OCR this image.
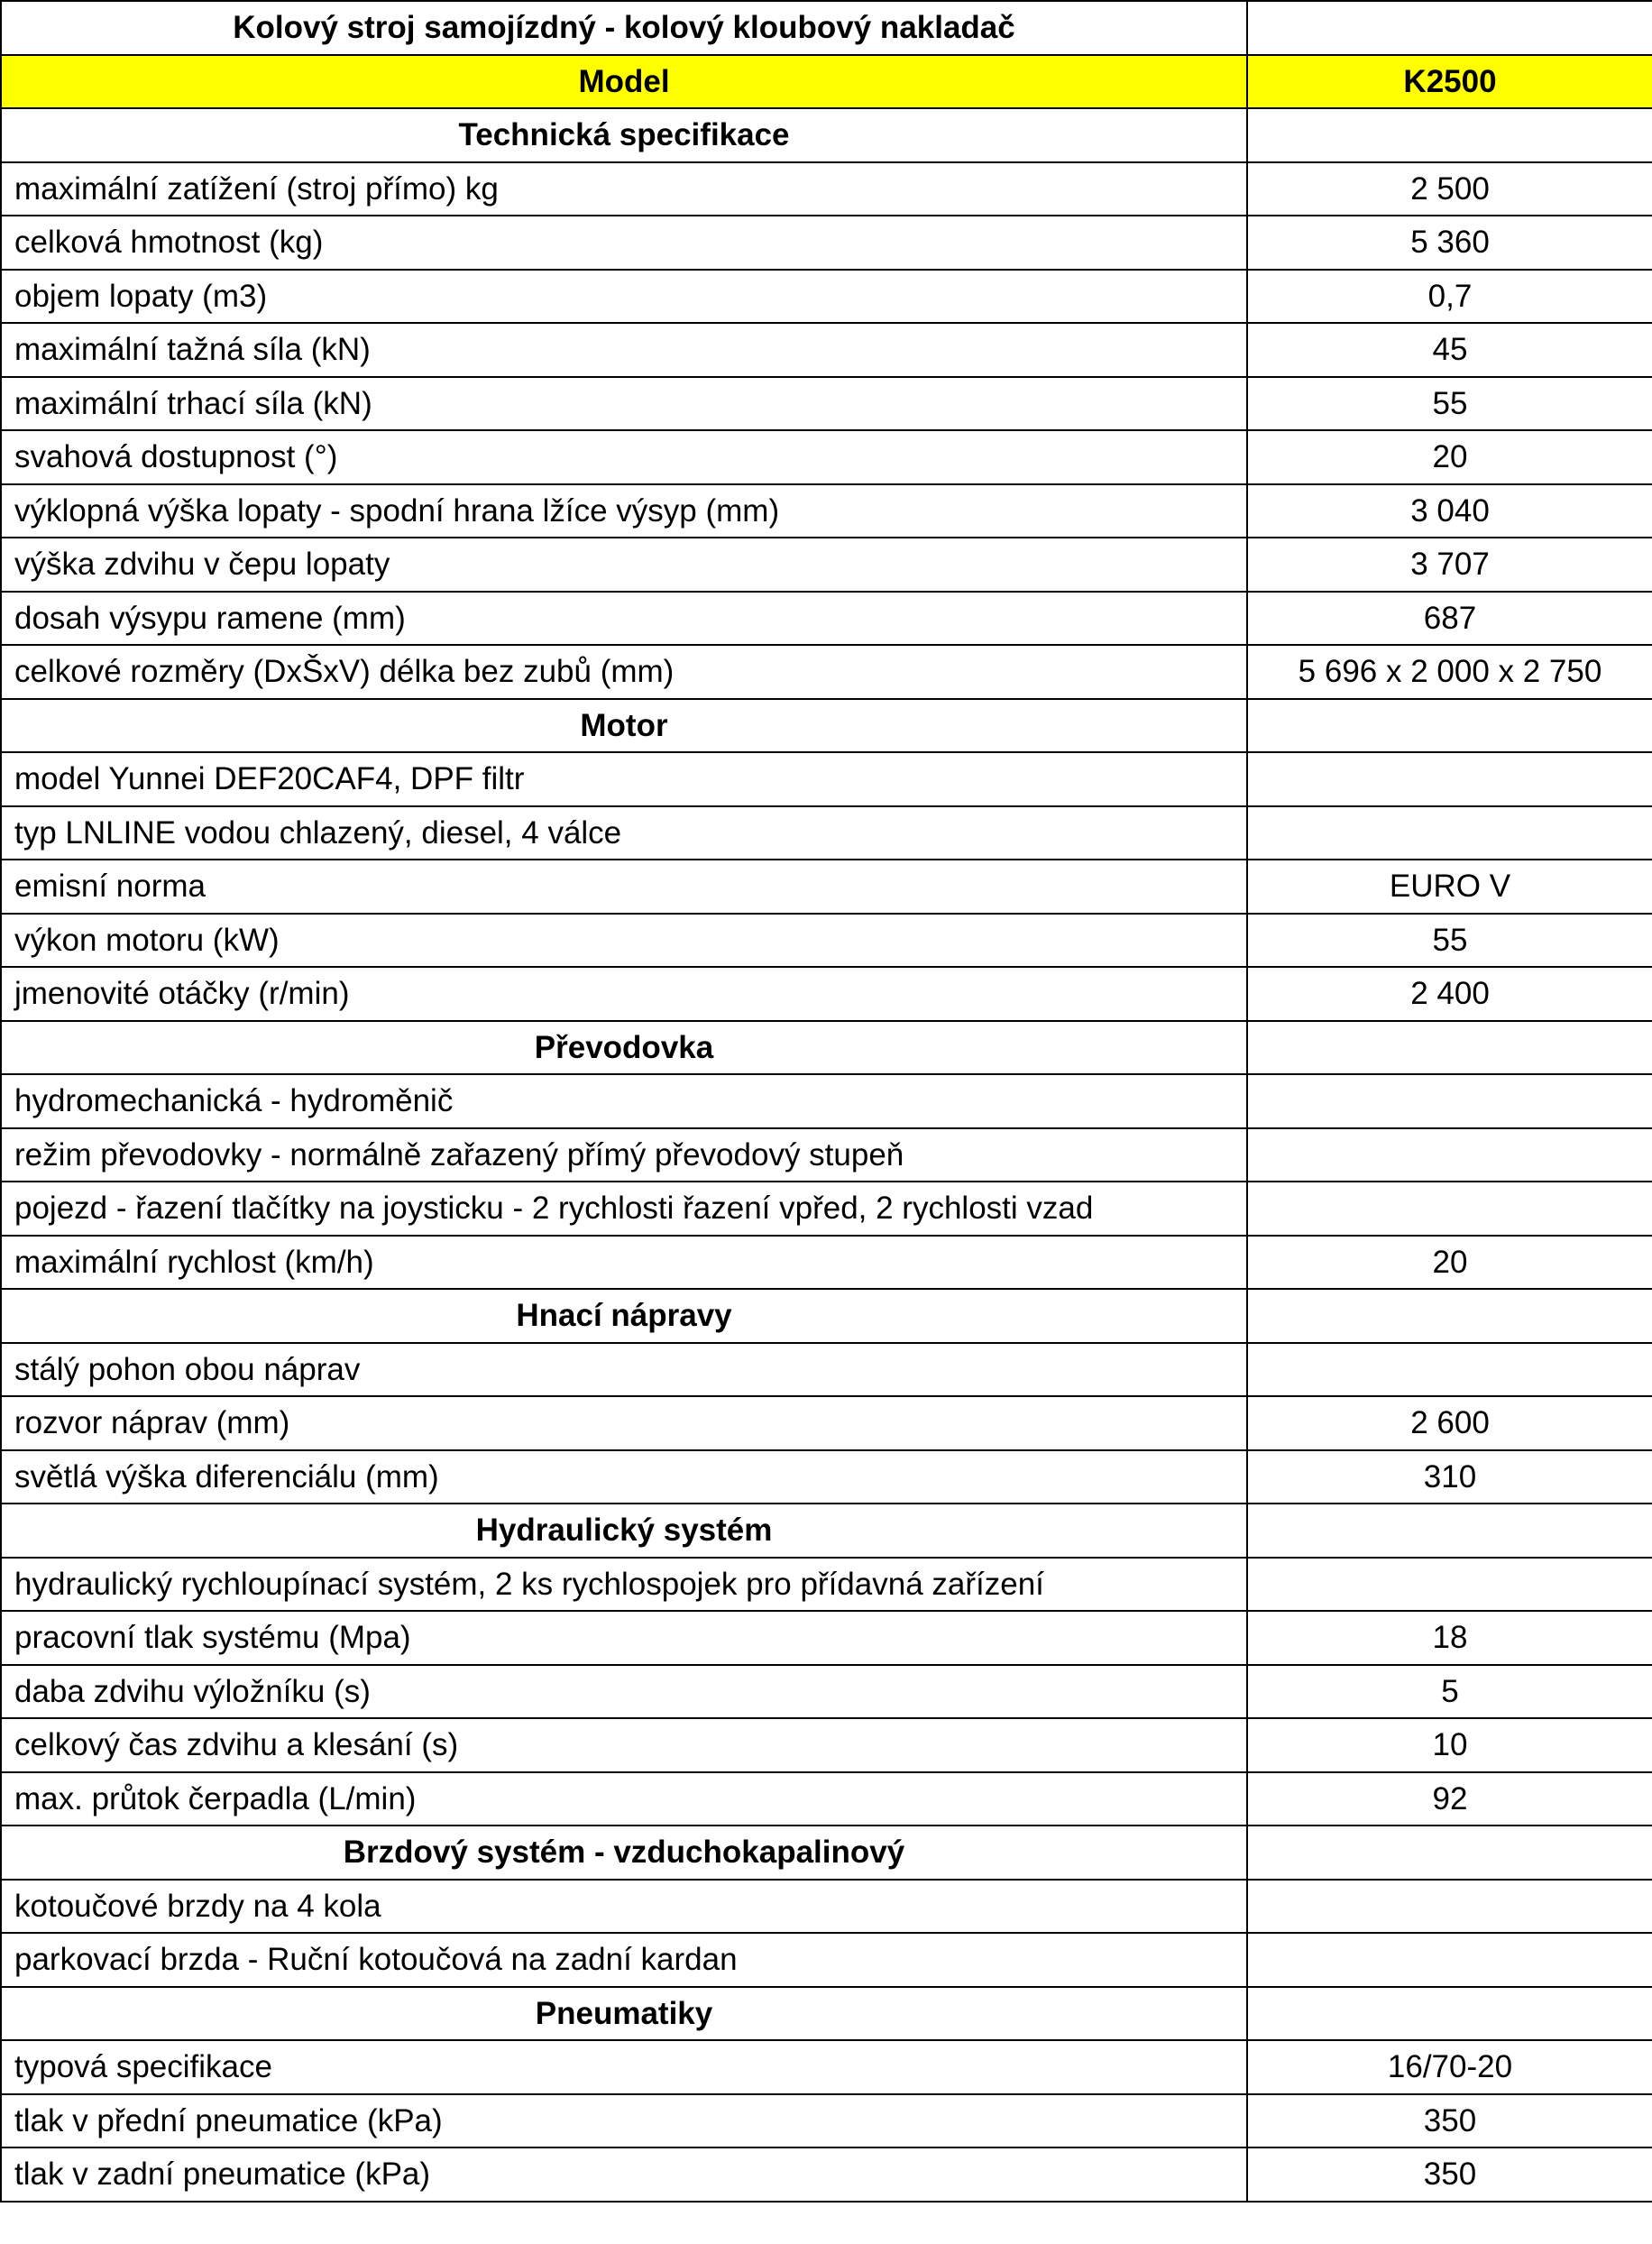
Kolový stroj samojízdný - kolový kloubový nakladač	
Model	K2500
Technická specifikace	
maximální zatížení (stroj přímo) kg	2 500
celková hmotnost (kg)	5 360
objem lopaty (m3)	0,7
maximální tažná síla (kN)	45
maximální trhací síla (kN)	55
svahová dostupnost (°)	20
výklopná výška lopaty - spodní hrana lžíce výsyp (mm)	3 040
výška zdvihu v čepu lopaty	3 707
dosah výsypu ramene (mm)	687
celkové rozměry (DxŠxV) délka bez zubů (mm)	5 696 x 2 000 x 2 750
Motor	
model Yunnei DEF20CAF4, DPF filtr	
typ LNLINE vodou chlazený, diesel, 4 válce	
emisní norma	EURO V
výkon motoru (kW)	55
jmenovité otáčky (r/min)	2 400
Převodovka	
hydromechanická - hydroměnič	
režim převodovky - normálně zařazený přímý převodový stupeň	
pojezd - řazení tlačítky na joysticku - 2 rychlosti řazení vpřed, 2 rychlosti vzad	
maximální rychlost (km/h)	20
Hnací nápravy	
stálý pohon obou náprav	
rozvor náprav (mm)	2 600
světlá výška diferenciálu (mm)	310
Hydraulický systém	
hydraulický rychloupínací systém, 2 ks rychlospojek pro přídavná zařízení	
pracovní tlak systému (Mpa)	18
daba zdvihu výložníku (s)	5
celkový čas zdvihu a klesání (s)	10
max. průtok čerpadla (L/min)	92
Brzdový systém - vzduchokapalinový	
kotoučové brzdy na 4 kola	
parkovací brzda - Ruční kotoučová na zadní kardan	
Pneumatiky	
typová specifikace	16/70-20
tlak v přední pneumatice (kPa)	350
tlak v zadní pneumatice (kPa)	350
